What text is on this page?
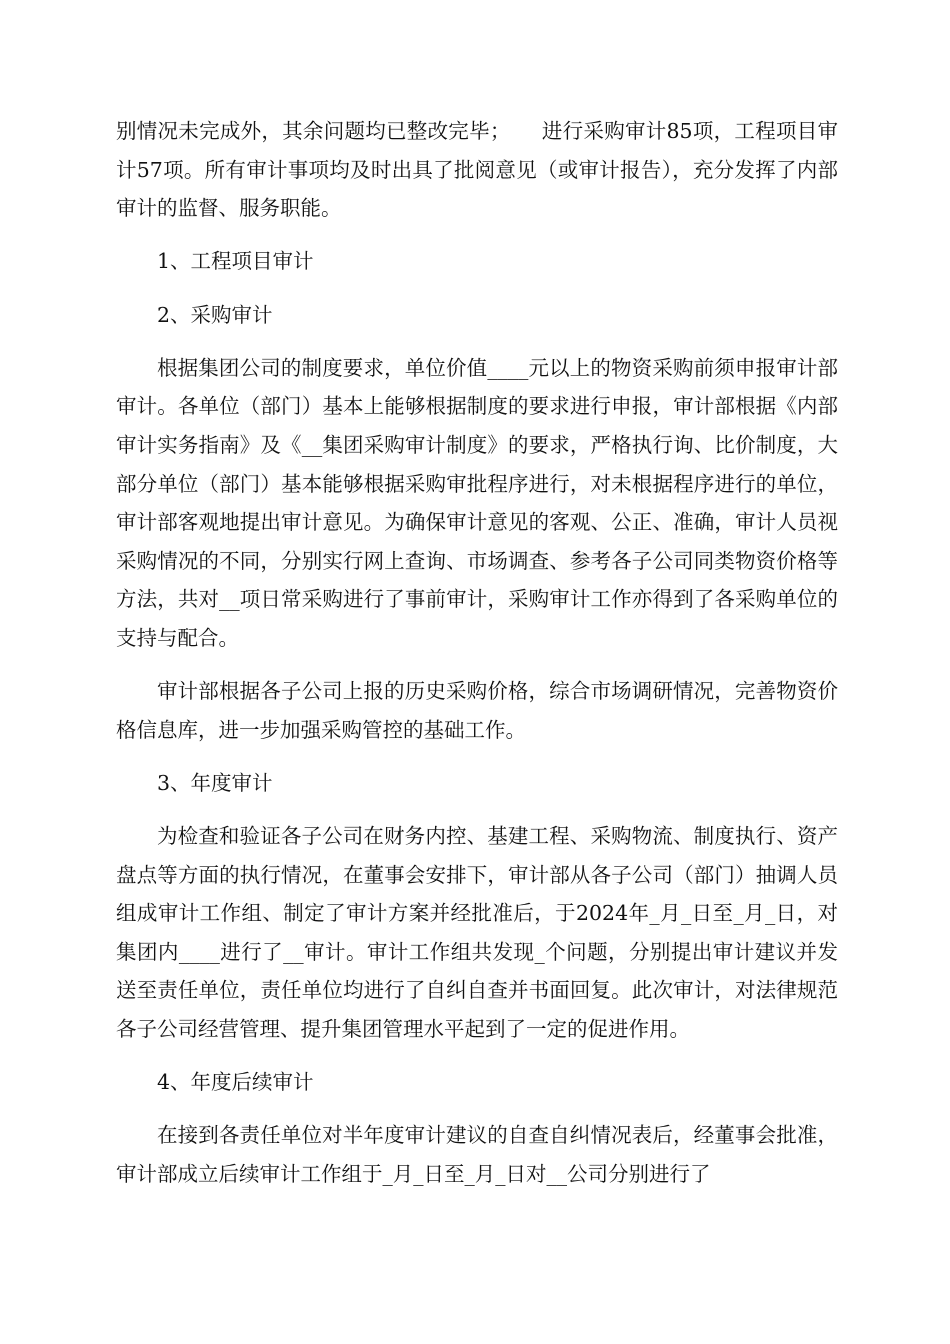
别情况未完成外，其余问题均已整改完毕；　　进行采购审计85项，工程项目审计57项。所有审计事项均及时出具了批阅意见（或审计报告），充分发挥了内部审计的监督、服务职能。

1、工程项目审计

2、采购审计

根据集团公司的制度要求，单位价值____元以上的物资采购前须申报审计部审计。各单位（部门）基本上能够根据制度的要求进行申报，审计部根据《内部审计实务指南》及《__集团采购审计制度》的要求，严格执行询、比价制度，大部分单位（部门）基本能够根据采购审批程序进行，对未根据程序进行的单位，审计部客观地提出审计意见。为确保审计意见的客观、公正、准确，审计人员视采购情况的不同，分别实行网上查询、市场调查、参考各子公司同类物资价格等方法，共对__项日常采购进行了事前审计，采购审计工作亦得到了各采购单位的支持与配合。

审计部根据各子公司上报的历史采购价格，综合市场调研情况，完善物资价格信息库，进一步加强采购管控的基础工作。

3、年度审计

为检查和验证各子公司在财务内控、基建工程、采购物流、制度执行、资产盘点等方面的执行情况，在董事会安排下，审计部从各子公司（部门）抽调人员组成审计工作组、制定了审计方案并经批准后，于2024年_月_日至_月_日，对集团内____进行了__审计。审计工作组共发现_个问题，分别提出审计建议并发送至责任单位，责任单位均进行了自纠自查并书面回复。此次审计，对法律规范各子公司经营管理、提升集团管理水平起到了一定的促进作用。

4、年度后续审计

在接到各责任单位对半年度审计建议的自查自纠情况表后，经董事会批准，审计部成立后续审计工作组于_月_日至_月_日对__公司分别进行了
